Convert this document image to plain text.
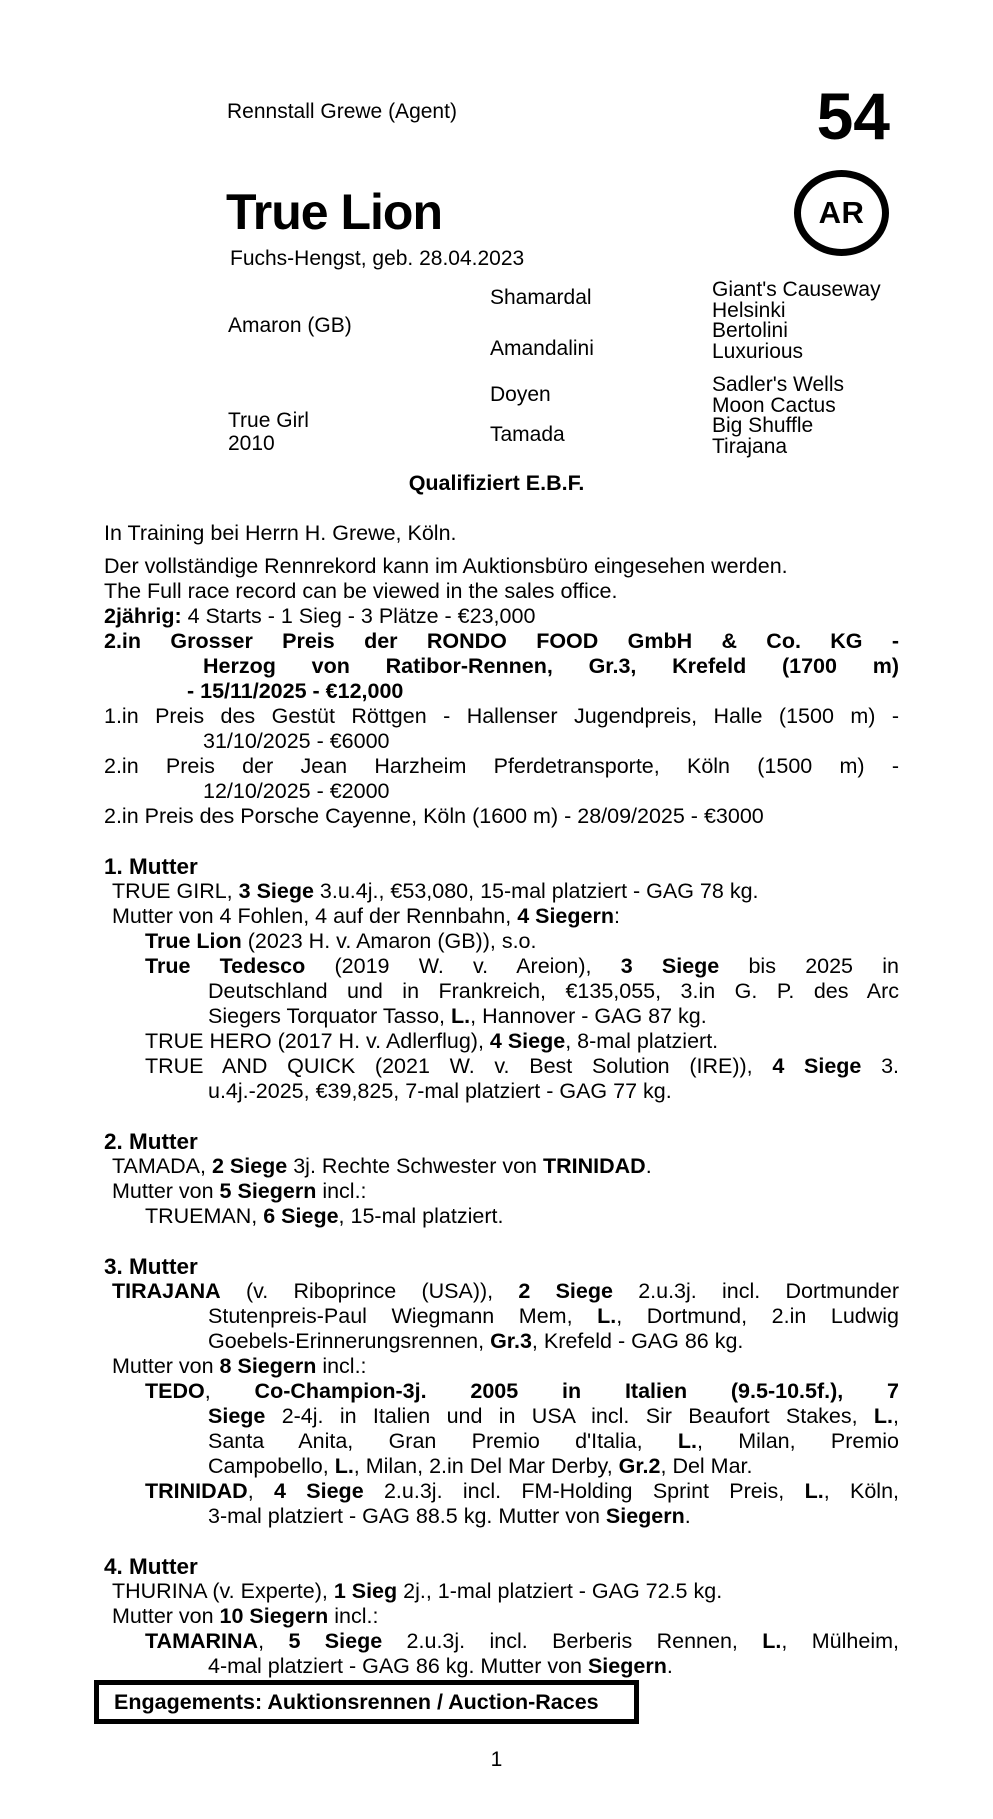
Rennstall Grewe (Agent)	54
True Lion	AR
Fuchs-Hengst, geb. 28.04.2023
Amaron (GB)
True Girl
2010
Shamardal
Amandalini
Doyen
Tamada
Giant's Causeway
Helsinki
Bertolini
Luxurious
Sadler's Wells
Moon Cactus
Big Shuffle
Tirajana
Qualifiziert E.B.F.
In Training bei Herrn H. Grewe, Köln.
Der vollständige Rennrekord kann im Auktionsbüro eingesehen werden.
The Full race record can be viewed in the sales office.
2jährig: 4 Starts - 1 Sieg - 3 Plätze - €23,000
2.in Grosser Preis der RONDO FOOD GmbH & Co. KG -
Herzog von Ratibor-Rennen, Gr.3, Krefeld (1700 m)
- 15/11/2025 - €12,000
1.in Preis des Gestüt Röttgen - Hallenser Jugendpreis, Halle (1500 m) -
31/10/2025 - €6000
2.in Preis der Jean Harzheim Pferdetransporte, Köln (1500 m) -
12/10/2025 - €2000
2.in Preis des Porsche Cayenne, Köln (1600 m) - 28/09/2025 - €3000
1. Mutter
TRUE GIRL, 3 Siege 3.u.4j., €53,080, 15-mal platziert - GAG 78 kg.
Mutter von 4 Fohlen, 4 auf der Rennbahn, 4 Siegern:
True Lion (2023 H. v. Amaron (GB)), s.o.
True Tedesco (2019 W. v. Areion), 3 Siege bis 2025 in
Deutschland und in Frankreich, €135,055, 3.in G. P. des Arc
Siegers Torquator Tasso, L., Hannover - GAG 87 kg.
TRUE HERO (2017 H. v. Adlerflug), 4 Siege, 8-mal platziert.
TRUE AND QUICK (2021 W. v. Best Solution (IRE)), 4 Siege 3.
u.4j.-2025, €39,825, 7-mal platziert - GAG 77 kg.
2. Mutter
TAMADA, 2 Siege 3j. Rechte Schwester von TRINIDAD.
Mutter von 5 Siegern incl.:
TRUEMAN, 6 Siege, 15-mal platziert.
3. Mutter
TIRAJANA (v. Riboprince (USA)), 2 Siege 2.u.3j. incl. Dortmunder
Stutenpreis-Paul Wiegmann Mem, L., Dortmund, 2.in Ludwig
Goebels-Erinnerungsrennen, Gr.3, Krefeld - GAG 86 kg.
Mutter von 8 Siegern incl.:
TEDO, Co-Champion-3j. 2005 in Italien (9.5-10.5f.), 7
Siege 2-4j. in Italien und in USA incl. Sir Beaufort Stakes, L.,
Santa Anita, Gran Premio d'Italia, L., Milan, Premio
Campobello, L., Milan, 2.in Del Mar Derby, Gr.2, Del Mar.
TRINIDAD, 4 Siege 2.u.3j. incl. FM-Holding Sprint Preis, L., Köln,
3-mal platziert - GAG 88.5 kg. Mutter von Siegern.
4. Mutter
THURINA (v. Experte), 1 Sieg 2j., 1-mal platziert - GAG 72.5 kg.
Mutter von 10 Siegern incl.:
TAMARINA, 5 Siege 2.u.3j. incl. Berberis Rennen, L., Mülheim,
4-mal platziert - GAG 86 kg. Mutter von Siegern.
Engagements: Auktionsrennen / Auction-Races
1
